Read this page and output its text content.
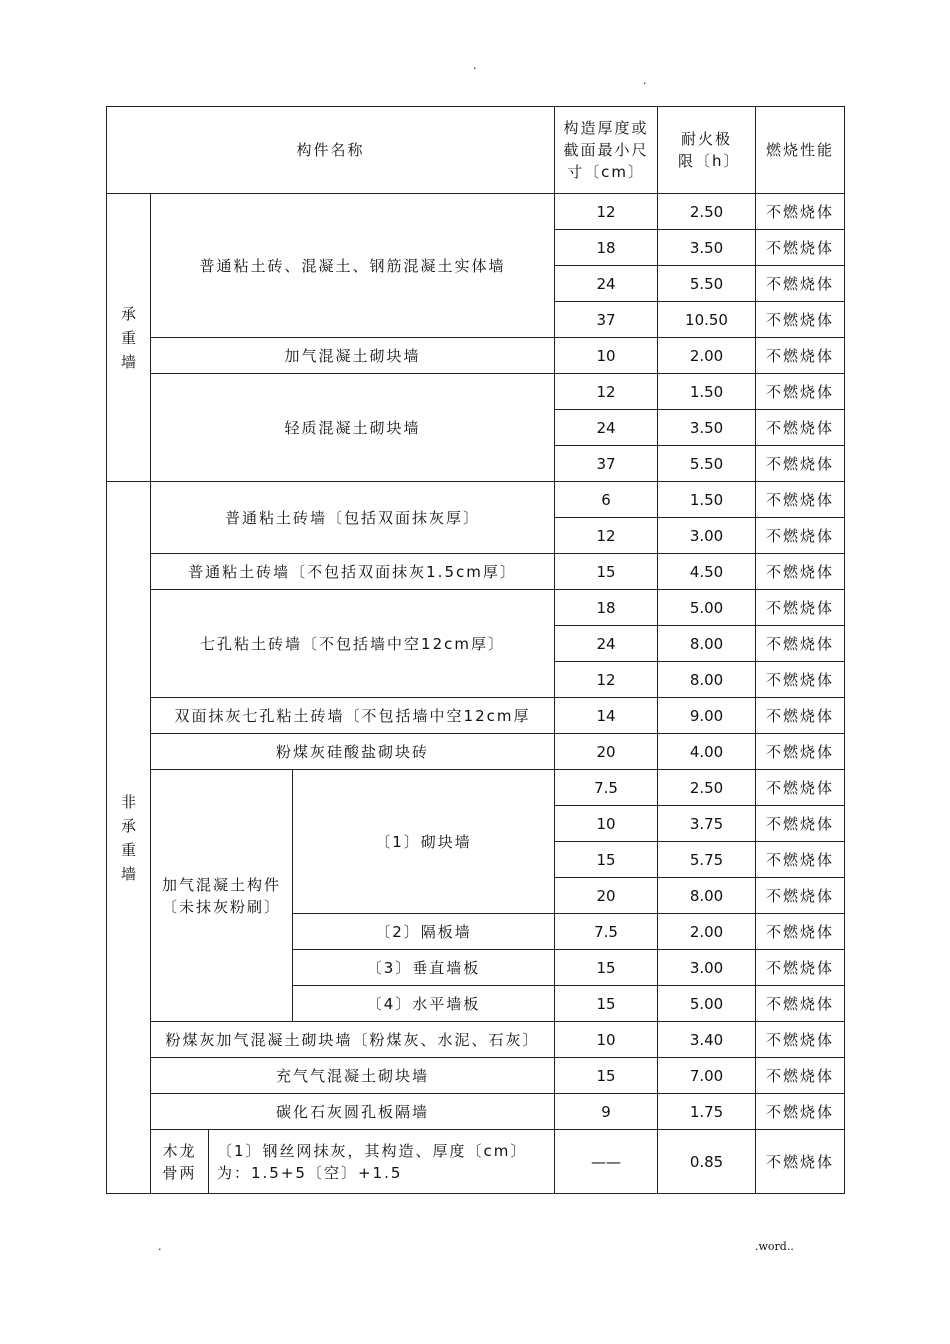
.
.
构件名称				构造厚度或截面最小尺寸〔cm〕	耐火极限〔h〕	燃烧性能

承重墙	普通粘土砖、混凝土、钢筋混凝土实体墙			12	2.50	不燃烧体
				18	3.50	不燃烧体
				24	5.50	不燃烧体
				37	10.50	不燃烧体
	加气混凝土砌块墙			10	2.00	不燃烧体
	轻质混凝土砌块墙			12	1.50	不燃烧体
				24	3.50	不燃烧体
				37	5.50	不燃烧体

非承重墙	普通粘土砖墙〔包括双面抹灰厚〕			6	1.50	不燃烧体
				12	3.00	不燃烧体
	普通粘土砖墙〔不包括双面抹灰1.5cm厚〕			15	4.50	不燃烧体
	七孔粘土砖墙〔不包括墙中空12cm厚〕			18	5.00	不燃烧体
				24	8.00	不燃烧体
				12	8.00	不燃烧体
	双面抹灰七孔粘土砖墙〔不包括墙中空12cm厚			14	9.00	不燃烧体
	粉煤灰硅酸盐砌块砖			20	4.00	不燃烧体

	加气混凝土构件〔未抹灰粉刷〕		〔1〕砌块墙	7.5	2.50	不燃烧体
				10	3.75	不燃烧体
				15	5.75	不燃烧体
				20	8.00	不燃烧体
			〔2〕隔板墙	7.5	2.00	不燃烧体
			〔3〕垂直墙板	15	3.00	不燃烧体
			〔4〕水平墙板	15	5.00	不燃烧体
	粉煤灰加气混凝土砌块墙〔粉煤灰、水泥、石灰〕			10	3.40	不燃烧体
	充气气混凝土砌块墙			15	7.00	不燃烧体
	碳化石灰圆孔板隔墙			9	1.75	不燃烧体

	木龙骨两	〔1〕钢丝网抹灰，其构造、厚度〔cm〕为：1.5+5〔空〕+1.5		——	0.85	不燃烧体
.	.word..
